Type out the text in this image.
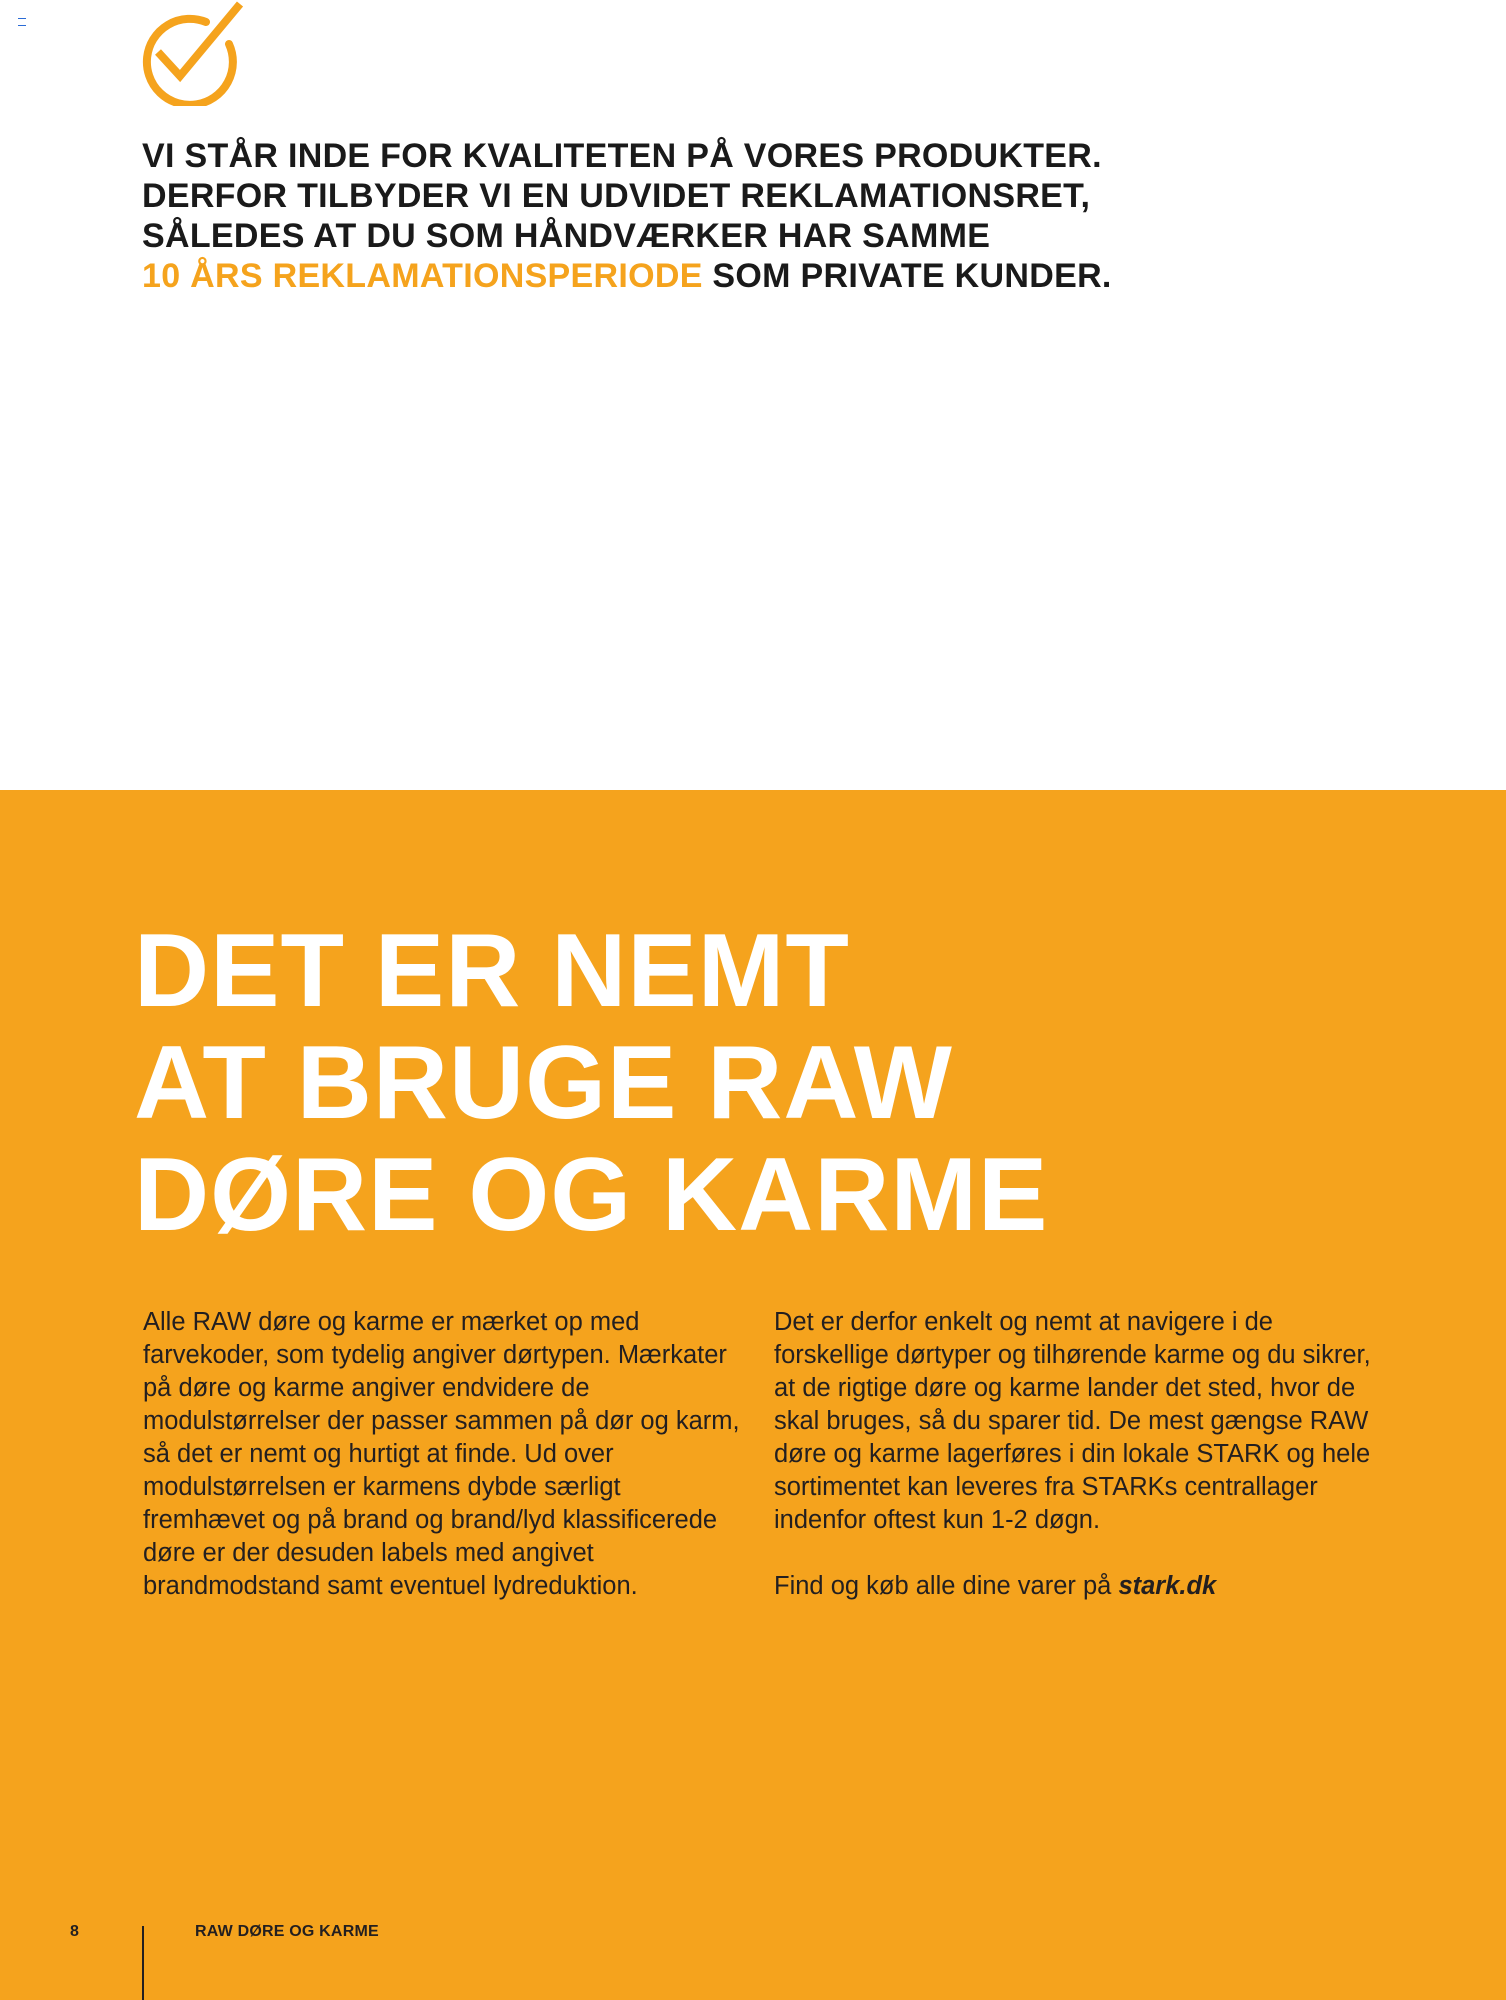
VI STÅR INDE FOR KVALITETEN PÅ VORES PRODUKTER.
DERFOR TILBYDER VI EN UDVIDET REKLAMATIONSRET,
SÅLEDES AT DU SOM HÅNDVÆRKER HAR SAMME
10 ÅRS REKLAMATIONSPERIODE SOM PRIVATE KUNDER.
DET ER NEMT
AT BRUGE RAW
DØRE OG KARME

Alle RAW døre og karme er mærket op med farvekoder, som tydelig angiver dørtypen. Mærkater på døre og karme angiver endvidere de modulstørrelser der passer sammen på dør og karm, så det er nemt og hurtigt at finde. Ud over modulstørrelsen er karmens dybde særligt fremhævet og på brand og brand/lyd klassificerede døre er der desuden labels med angivet brandmodstand samt eventuel lydreduktion.

Det er derfor enkelt og nemt at navigere i de forskellige dørtyper og tilhørende karme og du sikrer, at de rigtige døre og karme lander det sted, hvor de skal bruges, så du sparer tid. De mest gængse RAW døre og karme lagerføres i din lokale STARK og hele sortimentet kan leveres fra STARKs centrallager indenfor oftest kun 1-2 døgn.

Find og køb alle dine varer på stark.dk

8	RAW DØRE OG KARME
